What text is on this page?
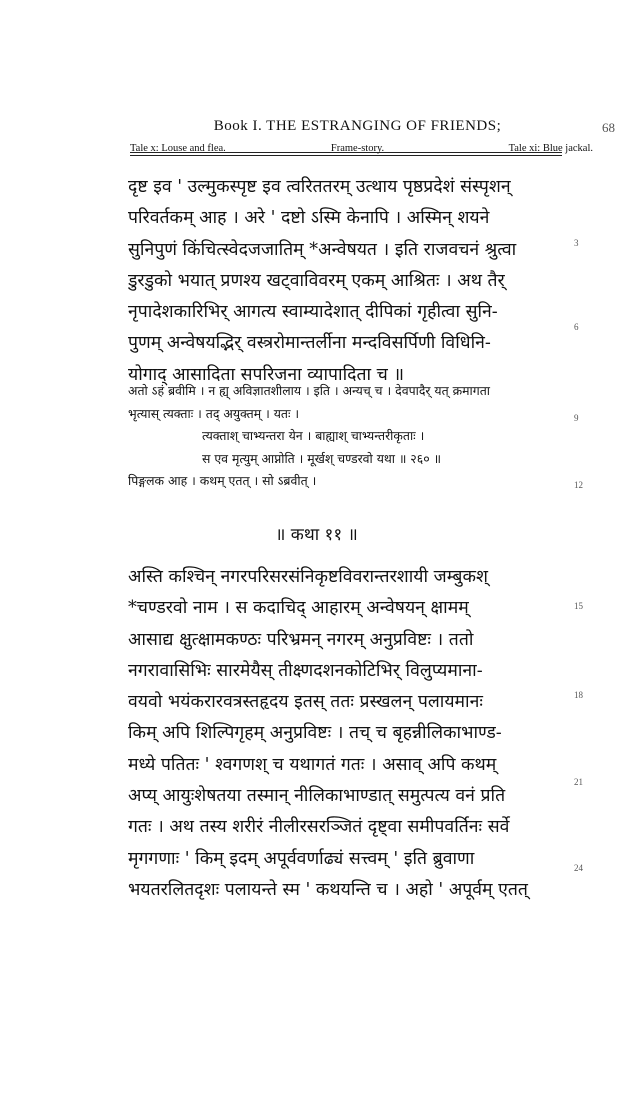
Book I. THE ESTRANGING OF FRIENDS;	68
Tale x: Louse and flea.	Frame-story.	Tale xi: Blue jackal.
दृष्ट इव ' उल्मुकस्पृष्ट इव त्वरिततरम् उत्थाय पृष्ठप्रदेशं संस्पृशन्
परिवर्तकम् आह । अरे ' दष्टो ऽस्मि केनापि । अस्मिन् शयने
सुनिपुणं किंचित्स्वेदजजातिम् *अन्वेषयत । इति राजवचनं श्रुत्वा
डुरडुको भयात् प्रणश्य खट्वाविवरम् एकम् आश्रितः । अथ तैर्
नृपादेशकारिभिर् आगत्य स्वाम्यादेशात् दीपिकां गृहीत्वा सुनि-
पुणम् अन्वेषयद्भिर् वस्त्ररोमान्तर्लीना मन्दविसर्पिणी विधिनि-
योगाद् आसादिता सपरिजना व्यापादिता च ॥
अतो ऽहं ब्रवीमि । न ह्य् अविज्ञातशीलाय । इति । अन्यच् च । देवपादैर् यत् क्रमागता
भृत्यास् त्यक्ताः । तद् अयुक्तम् । यतः ।
त्यक्ताश् चाभ्यन्तरा येन । बाह्याश् चाभ्यन्तरीकृताः ।
स एव मृत्युम् आप्नोति । मूर्खश् चण्डरवो यथा ॥ २६० ॥
पिङ्गलक आह । कथम् एतत् । सो ऽब्रवीत् ।
॥ कथा ११ ॥
अस्ति कश्चिन् नगरपरिसरसंनिकृष्टविवरान्तरशायी जम्बुकश्
*चण्डरवो नाम । स कदाचिद् आहारम् अन्वेषयन् क्षामम्
आसाद्य क्षुत्क्षामकण्ठः परिभ्रमन् नगरम् अनुप्रविष्टः । ततो
नगरावासिभिः सारमेयैस् तीक्ष्णदशनकोटिभिर् विलुप्यमाना-
वयवो भयंकरारवत्रस्तहृदय इतस् ततः प्रस्खलन् पलायमानः
किम् अपि शिल्पिगृहम् अनुप्रविष्टः । तच् च बृहन्नीलिकाभाण्ड-
मध्ये पतितः ' श्वगणश् च यथागतं गतः । असाव् अपि कथम्
अप्य् आयुःशेषतया तस्मान् नीलिकाभाण्डात् समुत्पत्य वनं प्रति
गतः । अथ तस्य शरीरं नीलीरसरञ्जितं दृष्ट्वा समीपवर्तिनः सर्वे
मृगगणाः ' किम् इदम् अपूर्ववर्णाढ्यं सत्त्वम् ' इति ब्रुवाणा
भयतरलितदृशः पलायन्ते स्म ' कथयन्ति च । अहो ' अपूर्वम् एतत्
3
6
9
12
15
18
21
24
